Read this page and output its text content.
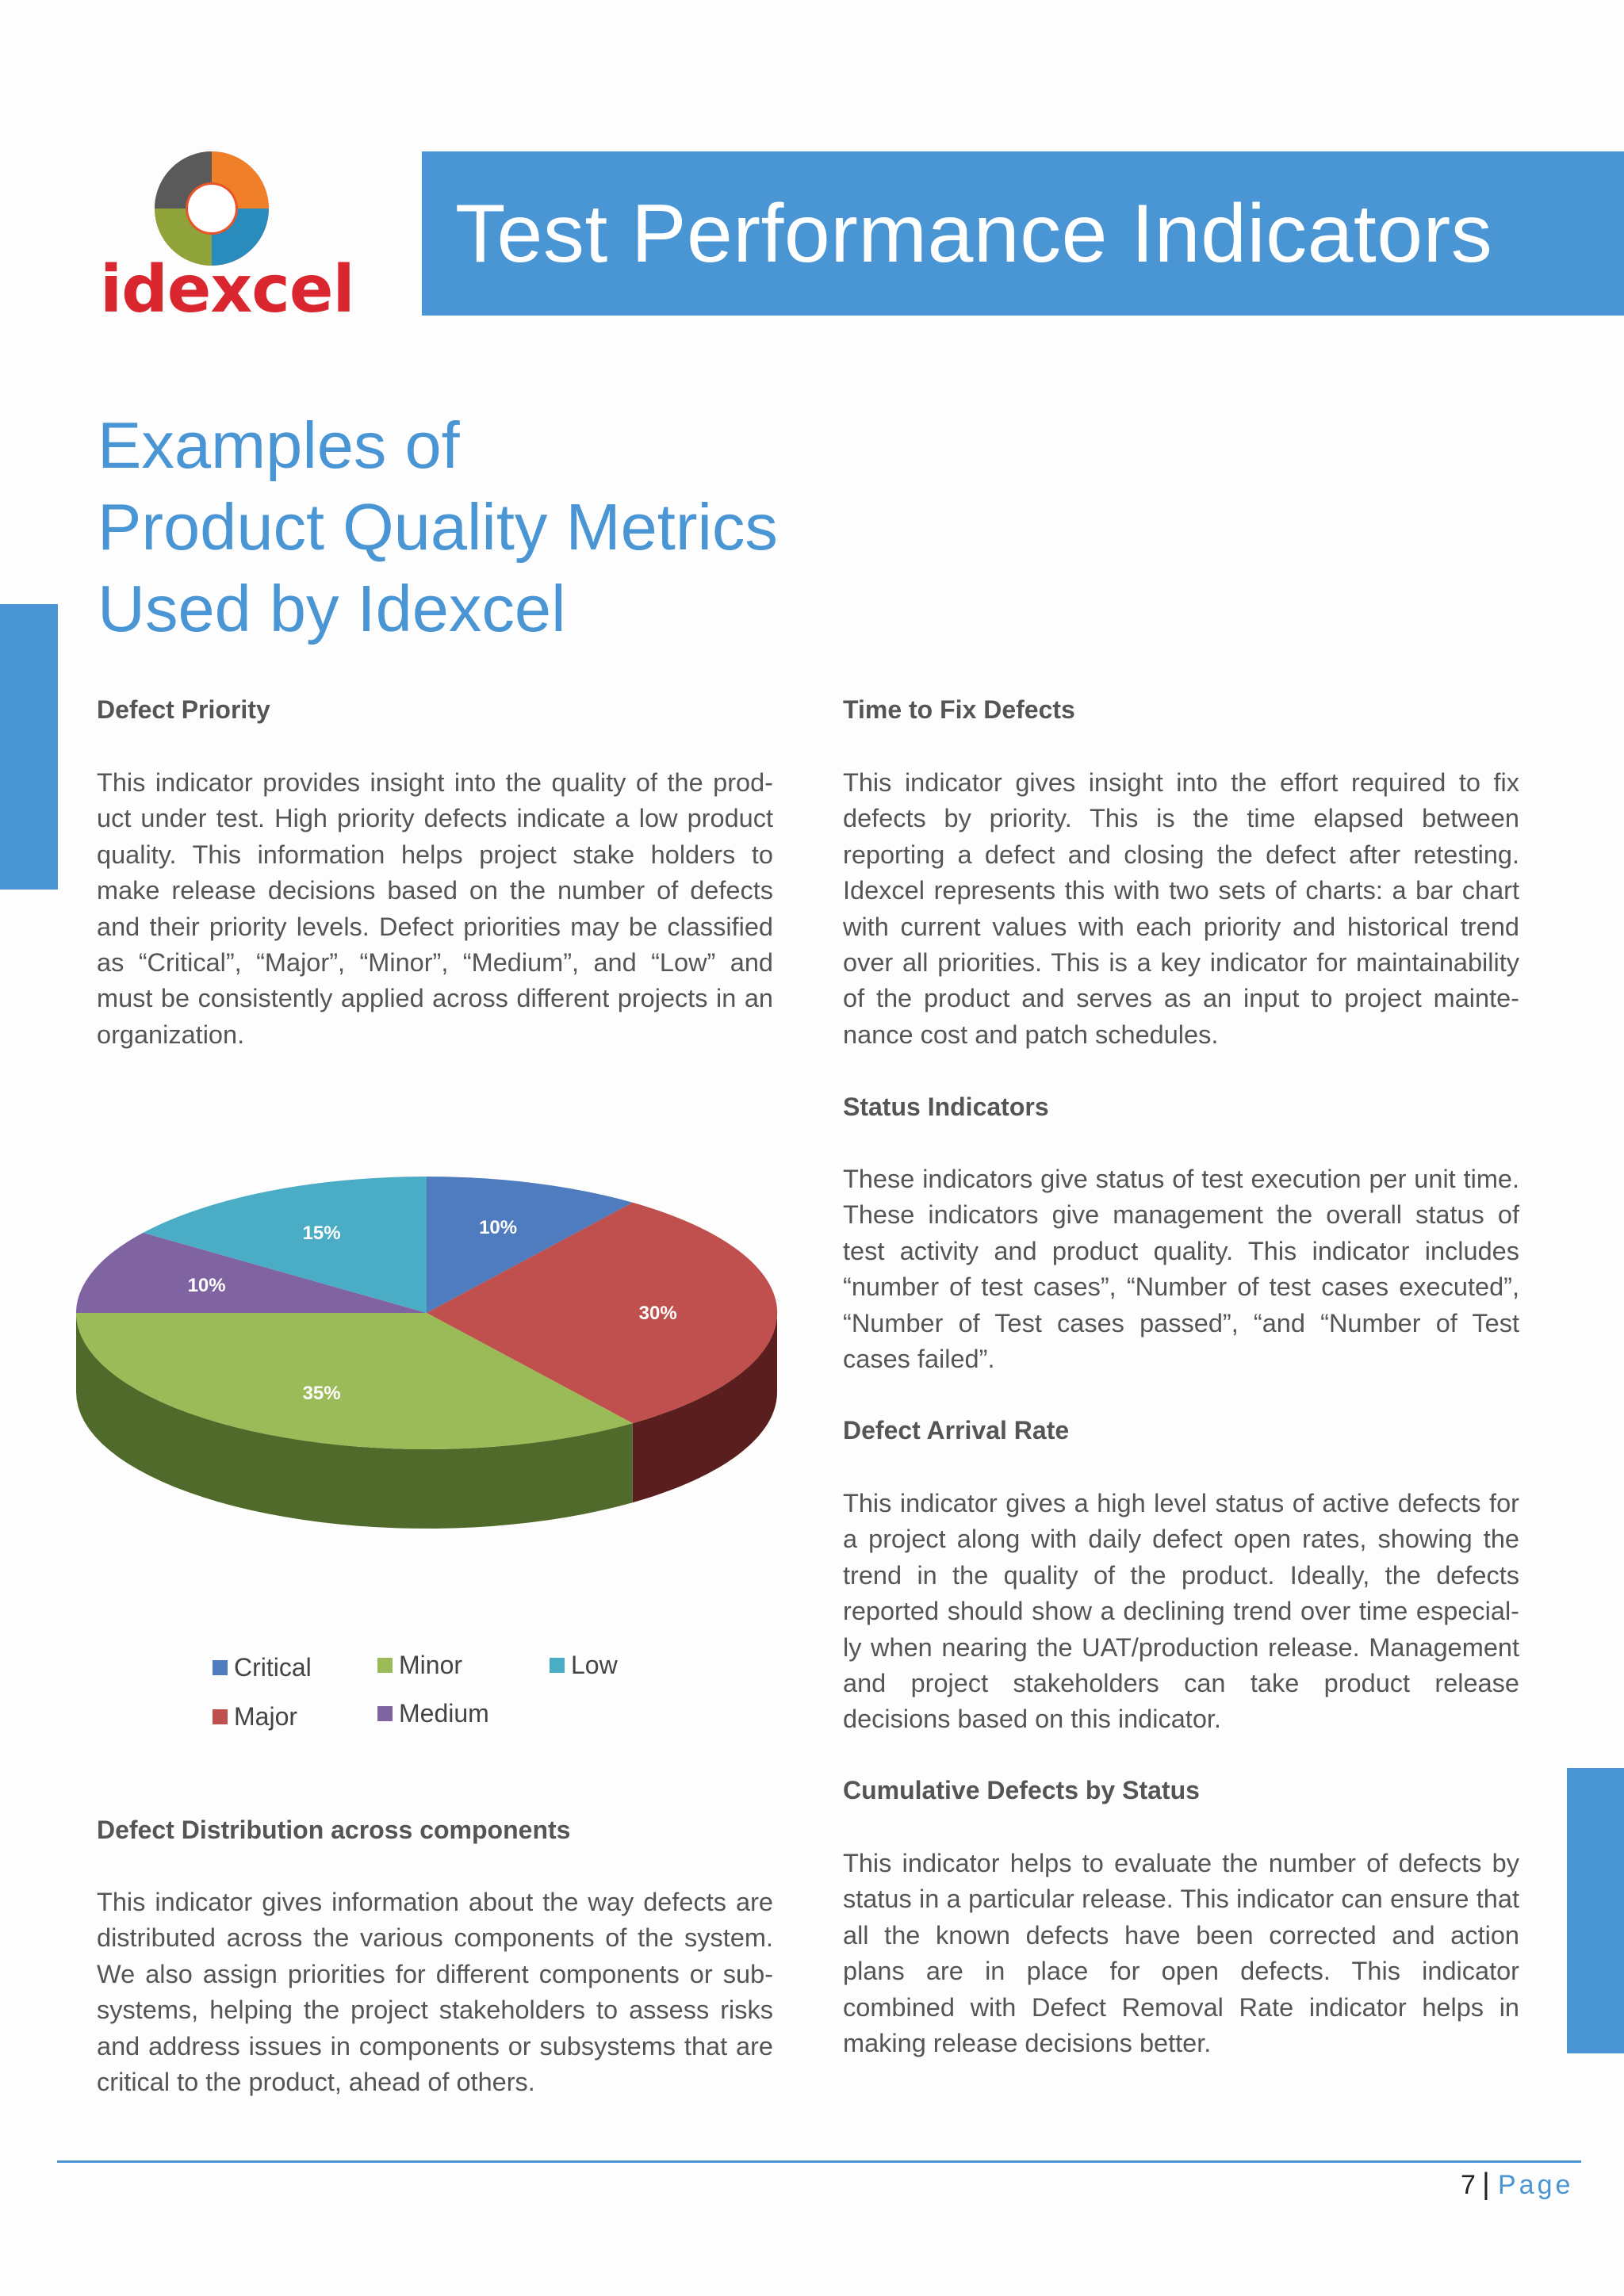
idexcel
Test Performance Indicators
Examples of
Product Quality Metrics
Used by Idexcel
Defect Priority
This indicator provides insight into the quality of the prod-uct under test. High priority defects indicate a low product quality. This information helps project stake holders to make release decisions based on the number of defects and their priority levels. Defect priorities may be classified as “Critical”, “Major”, “Minor”, “Medium”, and “Low” and must be consistently applied across different projects in an organization.
10%
30%
35%
10%
15%
Critical
Major
Minor
Medium
Low
Defect Distribution across components
This indicator gives information about the way defects are distributed across the various components of the system. We also assign priorities for different components or sub-systems, helping the project stakeholders to assess risks and address issues in components or subsystems that are critical to the product, ahead of others.
Time to Fix Defects
This indicator gives insight into the effort required to fix defects by priority. This is the time elapsed between reporting a defect and closing the defect after retesting. Idexcel represents this with two sets of charts: a bar chart with current values with each priority and historical trend over all priorities. This is a key indicator for maintainability of the product and serves as an input to project mainte-nance cost and patch schedules.
Status Indicators
These indicators give status of test execution per unit time. These indicators give management the overall status of test activity and product quality. This indicator includes “number of test cases”, “Number of test cases executed”, “Number of Test cases passed”, “and “Number of Test cases failed”.
Defect Arrival Rate
This indicator gives a high level status of active defects for a project along with daily defect open rates, showing the trend in the quality of the product. Ideally, the defects reported should show a declining trend over time especial-ly when nearing the UAT/production release. Management and project stakeholders can take product release decisions based on this indicator.
Cumulative Defects by Status
This indicator helps to evaluate the number of defects by status in a particular release. This indicator can ensure that all the known defects have been corrected and action plans are in place for open defects. This indicator combined with Defect Removal Rate indicator helps in making release decisions better.
7 | Page
